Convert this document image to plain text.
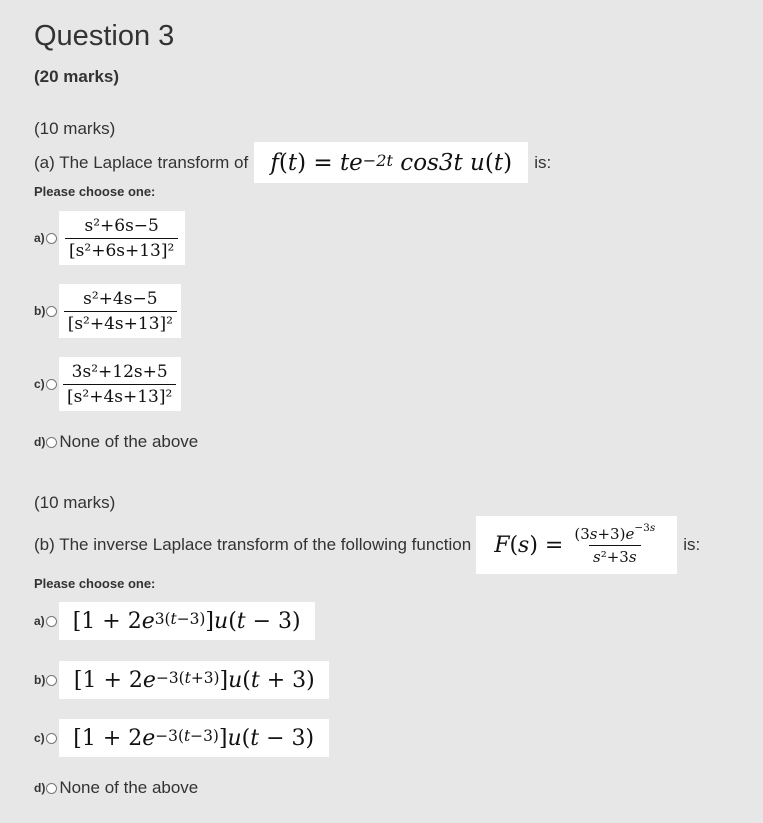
Question 3
(20 marks)
(10 marks)
(a) The Laplace transform of f ( t ) = $te^{-2t}$ cos3t u ( t ) is:
Please choose one:
$a) \frac{\text{s²+6s−5}}{\text{[s²+6s+13]²}}$
$b) \frac{\text{s²+4s−5}}{\text{[s²+4s+13]²}}$
$c) \frac{\text{3s²+12s+5}}{\text{[s²+4s+13]²}}$
d) None of the above
(10 marks)
(b) The inverse Laplace transform of the following function F ( s ) = $\frac{(3s+3)e^{-3s}}{\text{s²+3s}}$ is:
Please choose one:
a)	[1 + 2 $e^{3(t-3)}$ ] u ( t − 3)
b)	[1 + 2 $e^{-3(t+3)}$ ] u ( t + 3)
c)	[1 + 2 $e^{-3(t-3)}$ ] u ( t − 3)
d) None of the above
